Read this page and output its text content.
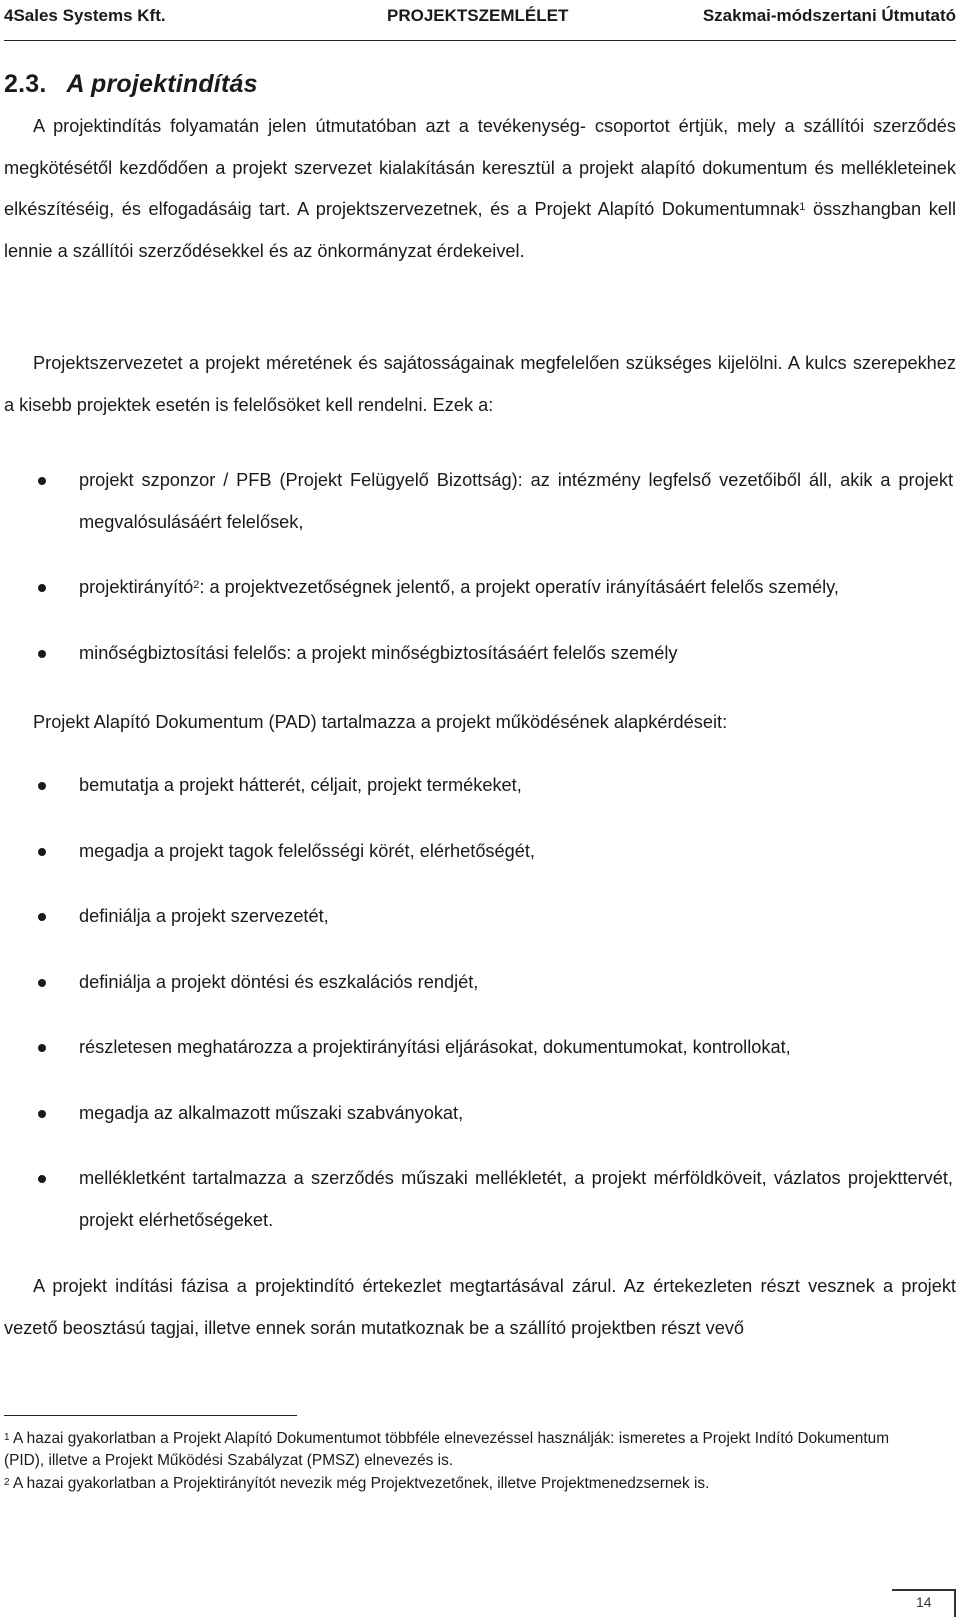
4Sales Systems Kft.	PROJEKTSZEMLÉLET	Szakmai-módszertani Útmutató
2.3. A projektindítás

A projektindítás folyamatán jelen útmutatóban azt a tevékenység- csoportot értjük, mely a szállítói szerződés megkötésétől kezdődően a projekt szervezet kialakításán keresztül a projekt alapító dokumentum és mellékleteinek elkészítéséig, és elfogadásáig tart. A projektszervezetnek, és a Projekt Alapító Dokumentumnak$^1$ összhangban kell lennie a szállítói szerződésekkel és az önkormányzat érdekeivel.

Projektszervezetet a projekt méretének és sajátosságainak megfelelően szükséges kijelölni. A kulcs szerepekhez a kisebb projektek esetén is felelősöket kell rendelni. Ezek a:

projekt szponzor / PFB (Projekt Felügyelő Bizottság): az intézmény legfelső vezetőiből áll, akik a projekt megvalósulásáért felelősek,
projektirányító$^2$: a projektvezetőségnek jelentő, a projekt operatív irányításáért felelős személy,
minőségbiztosítási felelős: a projekt minőségbiztosításáért felelős személy

Projekt Alapító Dokumentum (PAD) tartalmazza a projekt működésének alapkérdéseit:

bemutatja a projekt hátterét, céljait, projekt termékeket,
megadja a projekt tagok felelősségi körét, elérhetőségét,
definiálja a projekt szervezetét,
definiálja a projekt döntési és eszkalációs rendjét,
részletesen meghatározza a projektirányítási eljárásokat, dokumentumokat, kontrollokat,
megadja az alkalmazott műszaki szabványokat,
mellékletként tartalmazza a szerződés műszaki mellékletét, a projekt mérföldköveit, vázlatos projekttervét, projekt elérhetőségeket.

A projekt indítási fázisa a projektindító értekezlet megtartásával zárul. Az értekezleten részt vesznek a projekt vezető beosztású tagjai, illetve ennek során mutatkoznak be a szállító projektben részt vevő

$^1$ A hazai gyakorlatban a Projekt Alapító Dokumentumot többféle elnevezéssel használják: ismeretes a Projekt Indító Dokumentum (PID), illetve a Projekt Működési Szabályzat (PMSZ) elnevezés is.

$^2$ A hazai gyakorlatban a Projektirányítót nevezik még Projektvezetőnek, illetve Projektmenedzsernek is.

14
